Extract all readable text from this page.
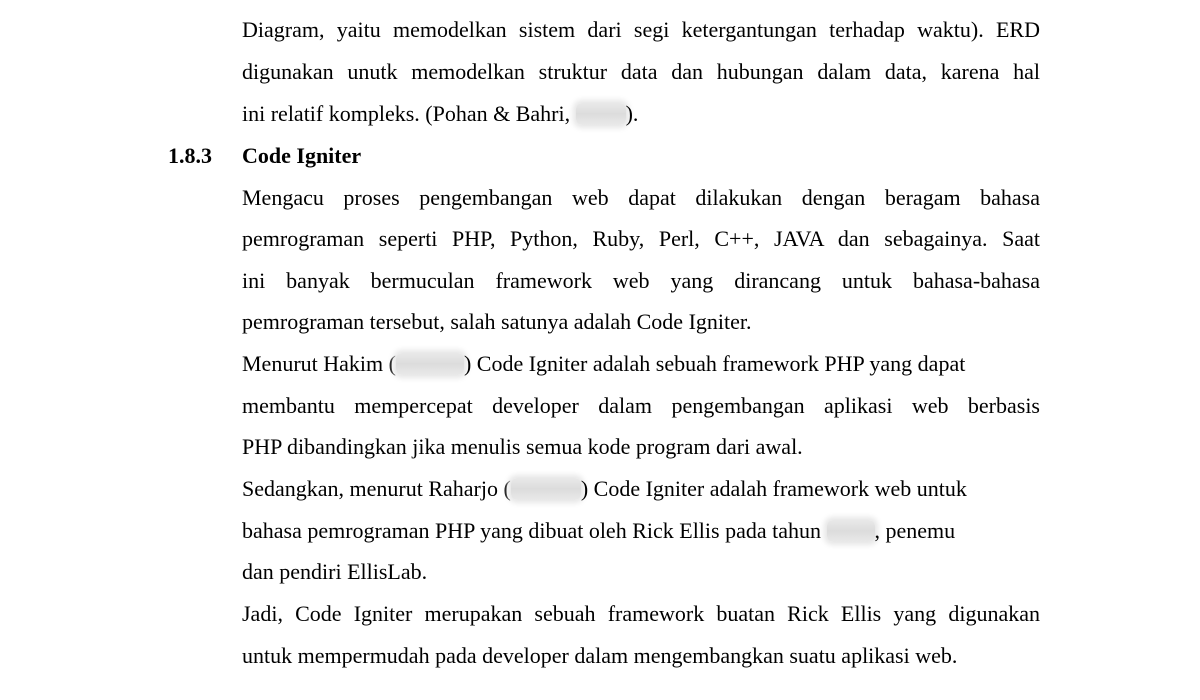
Diagram, yaitu memodelkan sistem dari segi ketergantungan terhadap waktu). ERD
digunakan unutk memodelkan struktur data dan hubungan dalam data, karena hal
ini relatif kompleks. (Pohan & Bahri,	).
1.8.3 Code Igniter
Mengacu proses pengembangan web dapat dilakukan dengan beragam bahasa
pemrograman seperti PHP, Python, Ruby, Perl, C++, JAVA dan sebagainya. Saat
ini banyak bermuculan framework web yang dirancang untuk bahasa-bahasa
pemrograman tersebut, salah satunya adalah Code Igniter.
Menurut Hakim (	) Code Igniter adalah sebuah framework PHP yang dapat
membantu mempercepat developer dalam pengembangan aplikasi web berbasis
PHP dibandingkan jika menulis semua kode program dari awal.
Sedangkan, menurut Raharjo (	) Code Igniter adalah framework web untuk
bahasa pemrograman PHP yang dibuat oleh Rick Ellis pada tahun , penemu
dan pendiri EllisLab.
Jadi, Code Igniter merupakan sebuah framework buatan Rick Ellis yang digunakan
untuk mempermudah pada developer dalam mengembangkan suatu aplikasi web.
